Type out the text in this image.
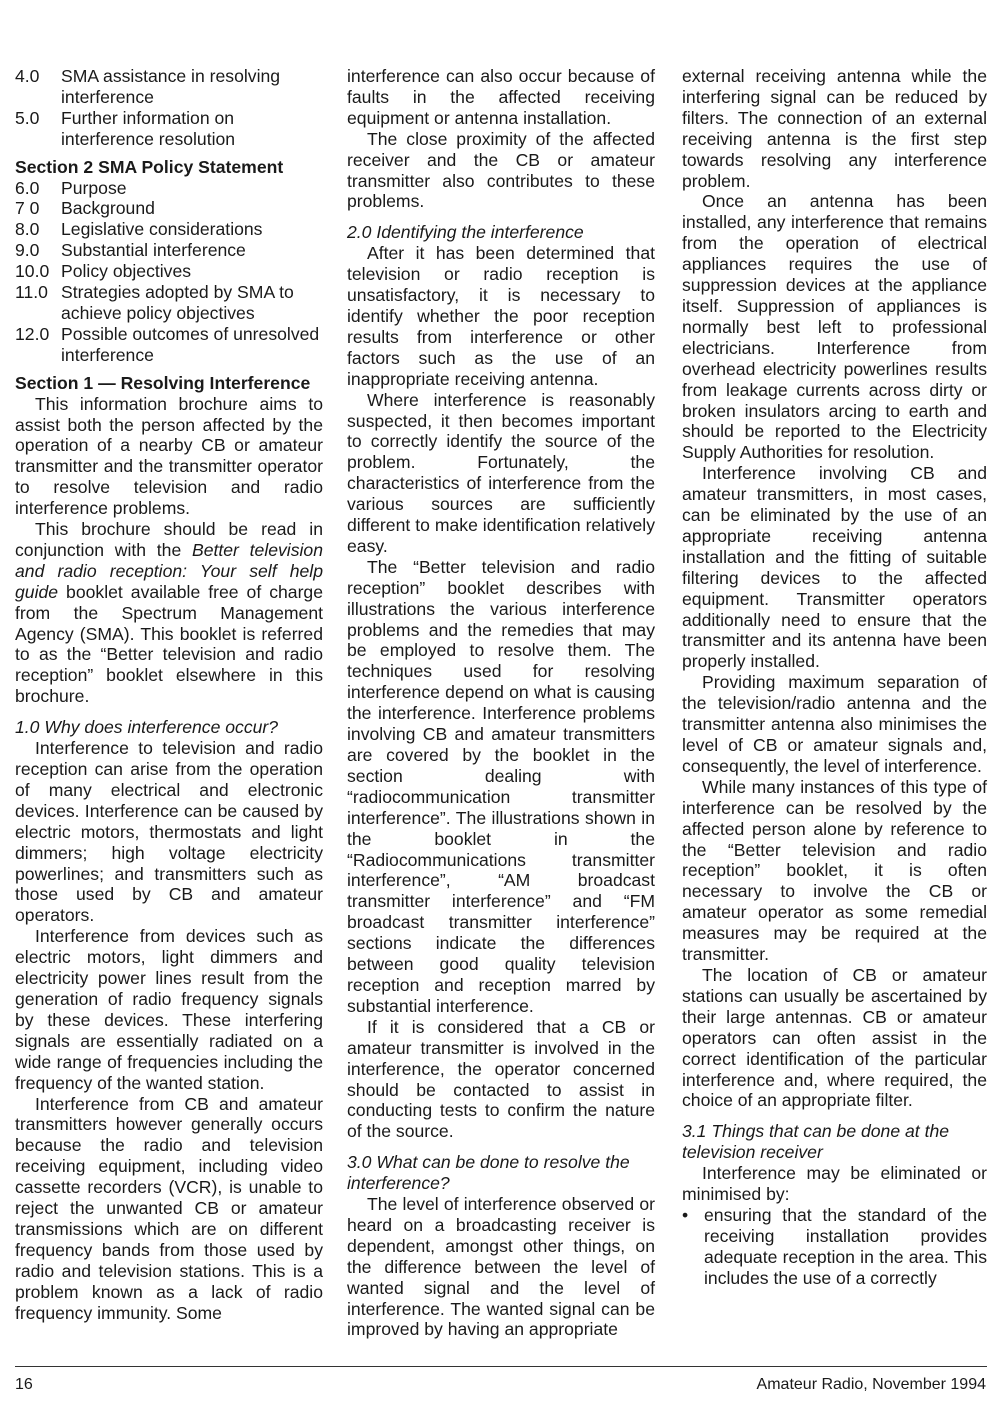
4.0	SMA assistance in resolving interference
5.0	Further information on interference resolution
Section 2 SMA Policy Statement
6.0	Purpose
7 0	Background
8.0	Legislative considerations
9.0	Substantial interference
10.0 Policy objectives
11.0 Strategies adopted by SMA to achieve policy objectives
12.0 Possible outcomes of unresolved interference
Section 1 — Resolving Interference

This information brochure aims to assist both the person affected by the operation of a nearby CB or amateur transmitter and the transmitter operator to resolve television and radio interference problems.

This brochure should be read in conjunction with the Better television and radio reception: Your self help guide booklet available free of charge from the Spectrum Management Agency (SMA). This booklet is referred to as the “Better television and radio reception” booklet elsewhere in this brochure.

1.0 Why does interference occur?

Interference to television and radio reception can arise from the operation of many electrical and electronic devices. Interference can be caused by electric motors, thermostats and light dimmers; high voltage electricity powerlines; and transmitters such as those used by CB and amateur operators.

Interference from devices such as electric motors, light dimmers and electricity power lines result from the generation of radio frequency signals by these devices. These interfering signals are essentially radiated on a wide range of frequencies including the frequency of the wanted station.

Interference from CB and amateur transmitters however generally occurs because the radio and television receiving equipment, including video cassette recorders (VCR), is unable to reject the unwanted CB or amateur transmissions which are on different frequency bands from those used by radio and television stations. This is a problem known as a lack of radio frequency immunity. Some

interference can also occur because of faults in the affected receiving equipment or antenna installation.

The close proximity of the affected receiver and the CB or amateur transmitter also contributes to these problems.

2.0 Identifying the interference

After it has been determined that television or radio reception is unsatisfactory, it is necessary to identify whether the poor reception results from interference or other factors such as the use of an inappropriate receiving antenna.

Where interference is reasonably suspected, it then becomes important to correctly identify the source of the problem. Fortunately, the characteristics of interference from the various sources are sufficiently different to make identification relatively easy.

The “Better television and radio reception” booklet describes with illustrations the various interference problems and the remedies that may be employed to resolve them. The techniques used for resolving interference depend on what is causing the interference. Interference problems involving CB and amateur transmitters are covered by the booklet in the section dealing with “radiocommunication transmitter interference”. The illustrations shown in the booklet in the “Radiocommunications transmitter interference”, “AM broadcast transmitter interference” and “FM broadcast transmitter interference” sections indicate the differences between good quality television reception and reception marred by substantial interference.

If it is considered that a CB or amateur transmitter is involved in the interference, the operator concerned should be contacted to assist in conducting tests to confirm the nature of the source.

3.0 What can be done to resolve the interference?

The level of interference observed or heard on a broadcasting receiver is dependent, amongst other things, on the difference between the level of wanted signal and the level of interference. The wanted signal can be improved by having an appropriate

external receiving antenna while the interfering signal can be reduced by filters. The connection of an external receiving antenna is the first step towards resolving any interference problem.

Once an antenna has been installed, any interference that remains from the operation of electrical appliances requires the use of suppression devices at the appliance itself. Suppression of appliances is normally best left to professional electricians. Interference from overhead electricity powerlines results from leakage currents across dirty or broken insulators arcing to earth and should be reported to the Electricity Supply Authorities for resolution.

Interference involving CB and amateur transmitters, in most cases, can be eliminated by the use of an appropriate receiving antenna installation and the fitting of suitable filtering devices to the affected equipment. Transmitter operators additionally need to ensure that the transmitter and its antenna have been properly installed.

Providing maximum separation of the television/radio antenna and the transmitter antenna also minimises the level of CB or amateur signals and, consequently, the level of interference.

While many instances of this type of interference can be resolved by the affected person alone by reference to the “Better television and radio reception” booklet, it is often necessary to involve the CB or amateur operator as some remedial measures may be required at the transmitter.

The location of CB or amateur stations can usually be ascertained by their large antennas. CB or amateur operators can often assist in the correct identification of the particular interference and, where required, the choice of an appropriate filter.

3.1 Things that can be done at the television receiver

Interference may be eliminated or minimised by:

• ensuring that the standard of the receiving installation provides adequate reception in the area. This includes the use of a correctly
16	Amateur Radio, November 1994
